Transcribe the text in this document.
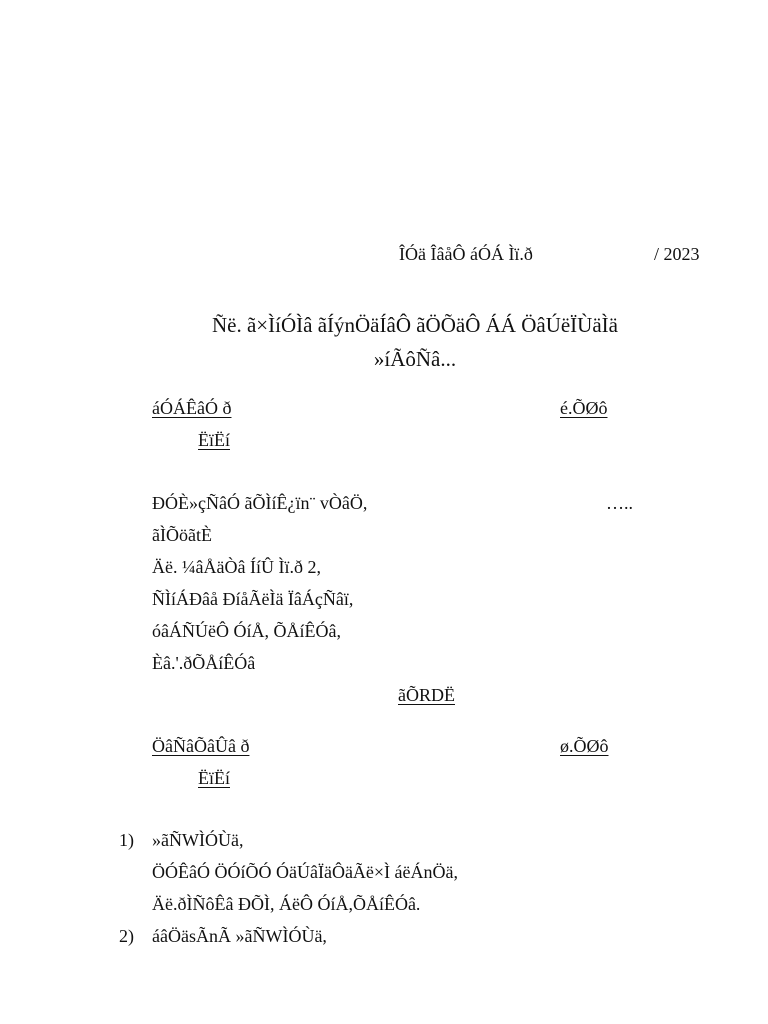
ÎÓä ÎâåÔ áÓÁ Ìï.ð	/ 2023
Ñë. ã×ÌíÓÌâ ãÍýnÖäÍâÔ ãÖÕäÔ ÁÁ ÖâÚëÏÙäÌä
»íÃôÑâ...
áÓÁÊâÓ ð	é.ÕØô
ËïËí
ÐÓÈ»çÑâÓ ãÕÌíÊ¿ïn¨ vÒâÖ,	…..
ãÌÕöãtÈ
Äë. ¼âÅäÒâ ÍíÛ Ìï.ð 2,
ÑÌíÁÐâå ÐíåÃëÌä ÏâÁçÑâï,
óâÁÑÚëÔ ÓíÅ, ÕÅíÊÓâ,
Èâ.'.ðÕÅíÊÓâ
ãÕRDË
ÖâÑâÕâÛâ ð	ø.ÕØô
ËïËí
1) »ãÑWÌÓÙä,
ÖÓÊâÓ ÖÓíÕÓ ÓäÚâÏäÔäÃë×Ì áëÁnÖä,
Äë.ðÌÑôÊâ ÐÕÌ, ÁëÔ ÓíÅ,ÕÅíÊÓâ.
2) áâÖäsÃnÃ »ãÑWÌÓÙä,
